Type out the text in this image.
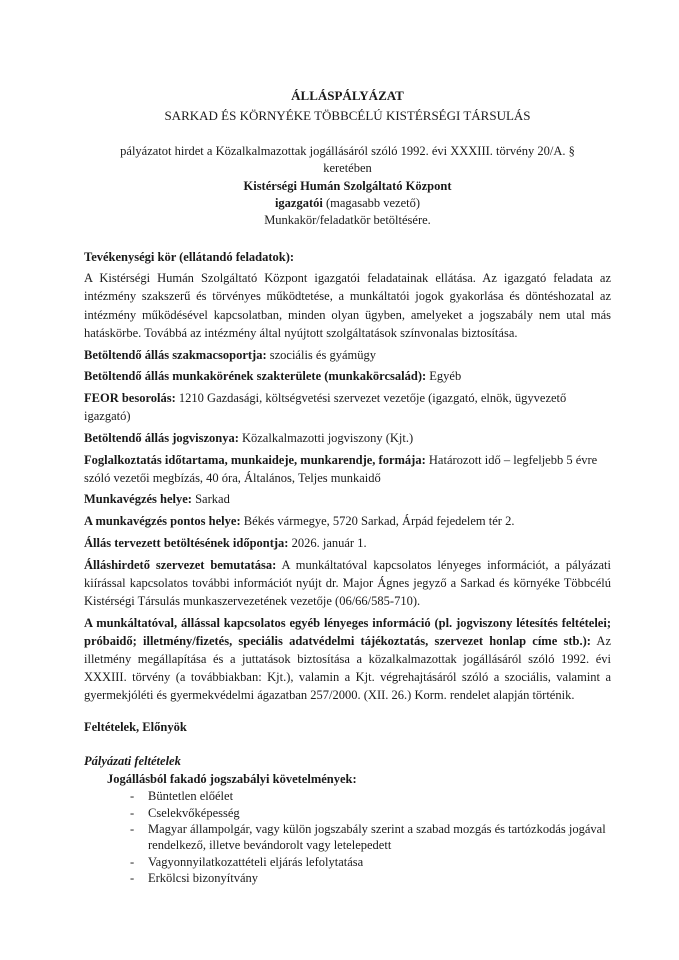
ÁLLÁSPÁLYÁZAT
SARKAD ÉS KÖRNYÉKE TÖBBCÉLÚ KISTÉRSÉGI TÁRSULÁS
pályázatot hirdet a Közalkalmazottak jogállásáról szóló 1992. évi XXXIII. törvény 20/A. §
keretében
Kistérségi Humán Szolgáltató Központ
igazgatói (magasabb vezető)
Munkakör/feladatkör betöltésére.

Tevékenységi kör (ellátandó feladatok):

A Kistérségi Humán Szolgáltató Központ igazgatói feladatainak ellátása. Az igazgató feladata az intézmény szakszerű és törvényes működtetése, a munkáltatói jogok gyakorlása és döntéshozatal az intézmény működésével kapcsolatban, minden olyan ügyben, amelyeket a jogszabály nem utal más hatáskörbe. Továbbá az intézmény által nyújtott szolgáltatások színvonalas biztosítása.

Betöltendő állás szakmacsoportja: szociális és gyámügy

Betöltendő állás munkakörének szakterülete (munkakörcsalád): Egyéb

FEOR besorolás: 1210 Gazdasági, költségvetési szervezet vezetője (igazgató, elnök, ügyvezető igazgató)

Betöltendő állás jogviszonya: Közalkalmazotti jogviszony (Kjt.)

Foglalkoztatás időtartama, munkaideje, munkarendje, formája: Határozott idő – legfeljebb 5 évre szóló vezetői megbízás, 40 óra, Általános, Teljes munkaidő

Munkavégzés helye: Sarkad

A munkavégzés pontos helye: Békés vármegye, 5720 Sarkad, Árpád fejedelem tér 2.

Állás tervezett betöltésének időpontja: 2026. január 1.

Álláshirdető szervezet bemutatása: A munkáltatóval kapcsolatos lényeges információt, a pályázati kiírással kapcsolatos további információt nyújt dr. Major Ágnes jegyző a Sarkad és környéke Többcélú Kistérségi Társulás munkaszervezetének vezetője (06/66/585-710).

A munkáltatóval, állással kapcsolatos egyéb lényeges információ (pl. jogviszony létesítés feltételei; próbaidő; illetmény/fizetés, speciális adatvédelmi tájékoztatás, szervezet honlap címe stb.): Az illetmény megállapítása és a juttatások biztosítása a közalkalmazottak jogállásáról szóló 1992. évi XXXIII. törvény (a továbbiakban: Kjt.), valamin a Kjt. végrehajtásáról szóló a szociális, valamint a gyermekjóléti és gyermekvédelmi ágazatban 257/2000. (XII. 26.) Korm. rendelet alapján történik.

Feltételek, Előnyök

Pályázati feltételek

Jogállásból fakadó jogszabályi követelmények:

-	Büntetlen előélet
-	Cselekvőképesség
-	Magyar állampolgár, vagy külön jogszabály szerint a szabad mozgás és tartózkodás jogával rendelkező, illetve bevándorolt vagy letelepedett
-	Vagyonnyilatkozattételi eljárás lefolytatása
-	Erkölcsi bizonyítvány
